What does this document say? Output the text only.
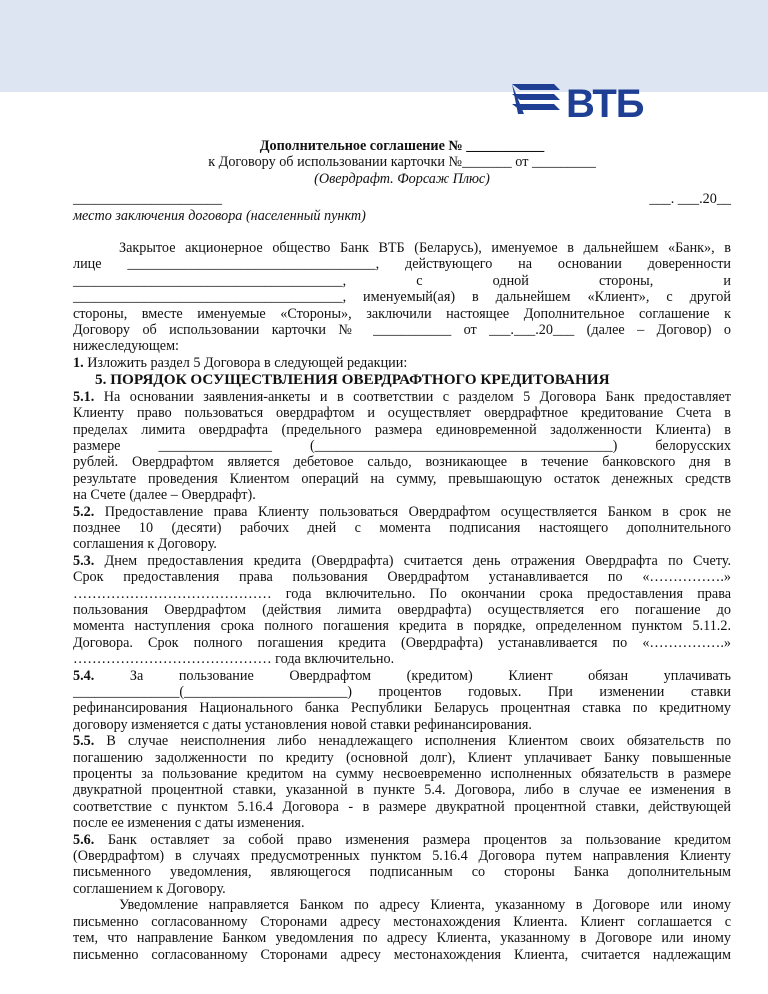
ВТБ

Дополнительное соглашение № ___________

к Договору об использовании карточки №_______ от _________

(Овердрафт. Форсаж Плюс)

_____________________	___. ___.20__

место заключения договора (населенный пункт)

Закрытое акционерное общество Банк ВТБ (Беларусь), именуемое в дальнейшем «Банк», в

лице ___________________________________, действующего на основании доверенности

______________________________________, с одной стороны, и

______________________________________, именуемый(ая) в дальнейшем «Клиент», с другой

стороны, вместе именуемые «Стороны», заключили настоящее Дополнительное соглашение к

Договору об использовании карточки № ___________ от ___.___.20___ (далее – Договор) о

нижеследующем:

1. Изложить раздел 5 Договора в следующей редакции:

5. ПОРЯДОК ОСУЩЕСТВЛЕНИЯ ОВЕРДРАФТНОГО КРЕДИТОВАНИЯ

5.1. На основании заявления-анкеты и в соответствии с разделом 5 Договора Банк предоставляет

Клиенту право пользоваться овердрафтом и осуществляет овердрафтное кредитование Счета в

пределах лимита овердрафта (предельного размера единовременной задолженности Клиента) в

размере ________________ (__________________________________________) белорусских

рублей. Овердрафтом является дебетовое сальдо, возникающее в течение банковского дня в

результате проведения Клиентом операций на сумму, превышающую остаток денежных средств

на Счете (далее – Овердрафт).

5.2. Предоставление права Клиенту пользоваться Овердрафтом осуществляется Банком в срок не

позднее 10 (десяти) рабочих дней с момента подписания настоящего дополнительного

соглашения к Договору.

5.3. Днем предоставления кредита (Овердрафта) считается день отражения Овердрафта по Счету.

Срок предоставления права пользования Овердрафтом устанавливается по «…………….»

…………………………………… года включительно. По окончании срока предоставления права

пользования Овердрафтом (действия лимита овердрафта) осуществляется его погашение до

момента наступления срока полного погашения кредита в порядке, определенном пунктом 5.11.2.

Договора. Срок полного погашения кредита (Овердрафта) устанавливается по «…………….»

…………………………………… года включительно.

5.4. За пользование Овердрафтом (кредитом) Клиент обязан уплачивать

_______________(_______________________) процентов годовых. При изменении ставки

рефинансирования Национального банка Республики Беларусь процентная ставка по кредитному

договору изменяется с даты установления новой ставки рефинансирования.

5.5. В случае неисполнения либо ненадлежащего исполнения Клиентом своих обязательств по

погашению задолженности по кредиту (основной долг), Клиент уплачивает Банку повышенные

проценты за пользование кредитом на сумму несвоевременно исполненных обязательств в размере

двукратной процентной ставки, указанной в пункте 5.4. Договора, либо в случае ее изменения в

соответствие с пунктом 5.16.4 Договора - в размере двукратной процентной ставки, действующей

после ее изменения с даты изменения.

5.6. Банк оставляет за собой право изменения размера процентов за пользование кредитом

(Овердрафтом) в случаях предусмотренных пунктом 5.16.4 Договора путем направления Клиенту

письменного уведомления, являющегося подписанным со стороны Банка дополнительным

соглашением к Договору.

Уведомление направляется Банком по адресу Клиента, указанному в Договоре или иному

письменно согласованному Сторонами адресу местонахождения Клиента. Клиент соглашается с

тем, что направление Банком уведомления по адресу Клиента, указанному в Договоре или иному

письменно согласованному Сторонами адресу местонахождения Клиента, считается надлежащим
